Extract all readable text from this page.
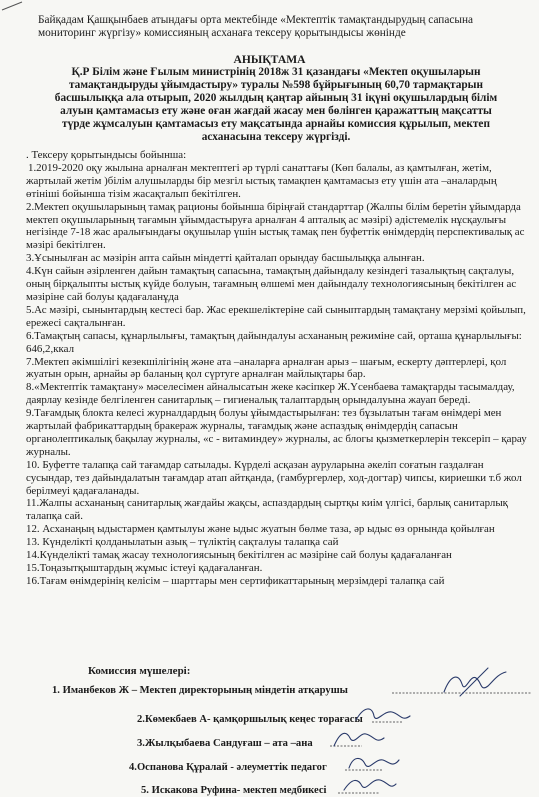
Байқадам Қашқынбаев атындағы орта мектебінде «Мектептік тамақтандырудың сапасына мониторинг жүргізу» комиссияның асханаға тексеру қорытындысы жөнінде
АНЫҚТАМА
Қ.Р Білім және Ғылым министрінің 2018ж 31 қазандағы «Мектеп оқушыларын тамақтандыруды ұйымдастыру» туралы №598 бұйрығының 60,70 тармақтарын басшылыққа ала отырып, 2020 жылдың қаңтар айының 31 іқүні оқушылардың білім алуын қамтамасыз ету және оған жағдай жасау мен бөлінген қаражаттың мақсатты түрде жұмсалуын қамтамасыз ету мақсатында арнайы комиссия құрылып, мектеп асханасына тексеру жүргізді.

. Тексеру қорытындысы бойынша:

1.2019-2020 оқу жылына арналған мектептегі әр түрлі санаттағы (Көп балалы, аз қамтылған, жетім, жартылай жетім )білім алушыларды бір мезгіл ыстық тамақпен қамтамасыз ету үшін ата –аналардың өтініші бойынша тізім жасақталып бекітілген.

2.Мектеп оқушыларының тамақ рационы бойынша біріңғай стандарттар (Жалпы білім беретін ұйымдарда мектеп оқушыларының тағамын ұйымдастыруға арналған 4 апталық ас мәзірі) әдістемелік нұсқаулығы негізінде 7-18 жас аралығындағы оқушылар үшін ыстық тамақ пен буфеттік өнімдердің перспективалық ас мәзірі бекітілген.

3.Ұсынылған ас мәзірін апта сайын міндетті қайталап орындау басшылыққа алынған.

4.Күн сайын әзірленген дайын тамақтың сапасына, тамақтың дайындалу кезіндегі тазалықтың сақталуы, оның бірқалыпты ыстық күйде болуын, тағамның өлшемі мен дайындалу технологиясының бекітілген ас мәзіріне сай болуы қадағаланұда

5.Ас мәзірі, сынынтардың кестесі бар. Жас ерекшеліктеріне сай сыныптардың тамақтану мерзімі қойылып, ережесі сақталынған.

6.Тамақтың сапасы, құнарлылығы, тамақтың дайындалуы асхананың режиміне сай, орташа құнарлылығы: 646,2,ккал

7.Мектеп әкімшілігі кезекшілігінің және ата –аналарға арналған арыз – шағым, ескерту дәптерлері, қол жуатын орын, арнайы әр баланың қол сүртуге арналған майлықтары бар.

8.«Мектептік тамақтану» мәселесімен айналысатын жеке кәсіпкер Ж.Үсенбаева тамақтарды тасымалдау, даярлау кезінде белгіленген санитарлық – гигиеналық талаптардың орындалуына жауап береді.

9.Тағамдық блокта келесі журналдардың болуы ұйымдастырылған: тез бұзылатын тағам өнімдері мен жартылай фабрикаттардың бракераж журналы, тағамдық және аспаздық өнімдердің сапасын органолептикалық бақылау журналы, «с - витаминдеу» журналы, ас блогы қызметкерлерін тексеріп – қарау журналы.

10. Буфетте талапқа сай тағамдар сатылады. Күрделі асқазан ауруларына әкеліп соғатын газдалған сусындар, тез дайындалатын тағамдар атап айтқанда, (гамбургерлер, ход-догтар) чипсы, кириешки т.б жол берілмеуі қадағаланады.

11.Жалпы асхананың санитарлық жағдайы жақсы, аспаздардың сыртқы киім үлгісі, барлық санитарлық талапқа сай.

12. Асханаңың ыдыстармен қамтылуы және ыдыс жуатын бөлме таза, әр ыдыс өз орнында қойылған

13. Күнделікті қолданылатын азық – түліктің сақталуы талапқа сай

14.Күнделікті тамақ жасау технологиясының бекітілген ас мәзіріне сай болуы қадағаланған

15.Тоңазытқыштардың жұмыс істеуі қадағаланған.

16.Тағам өнімдерінің келісім – шарттары мен сертификаттарының мерзімдері талапқа сай

Комиссия мүшелері:
1. Иманбеков Ж – Мектеп директорының міндетін атқарушы
2.Көмекбаев А- қамқоршылық кеңес торағасы
3.Жылқыбаева Сандуғаш – ата –ана
4.Оспанова Құралай - әлеуметтік педагог
5. Искакова Руфина- мектеп медбикесі
